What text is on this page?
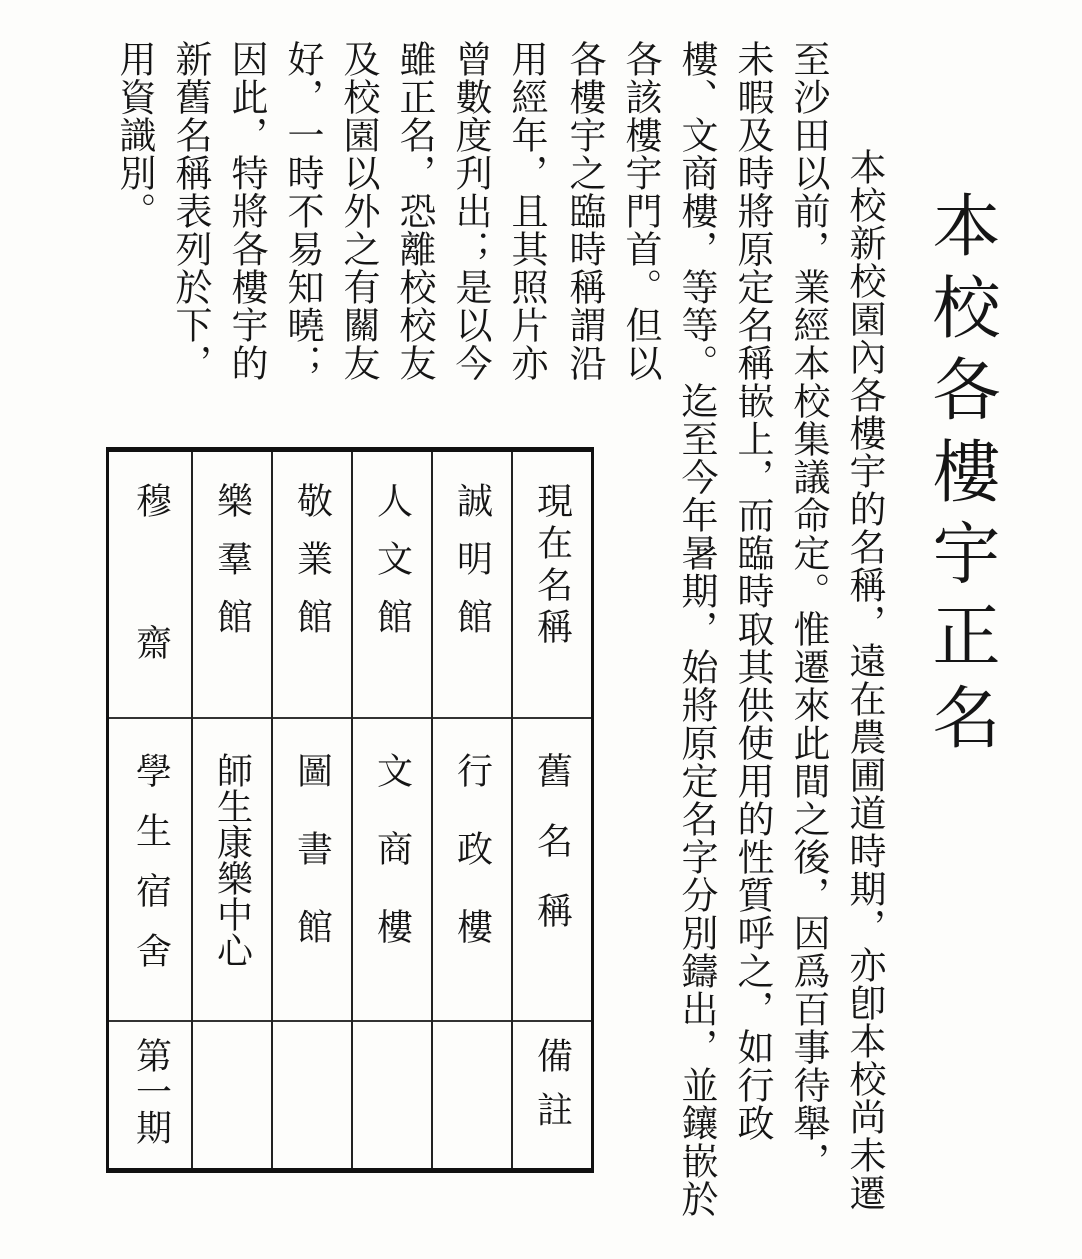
本校各樓宇正名
　本校新校園內各樓宇的名稱，遠在農圃道時期，亦卽本校尚未遷
至沙田以前，業經本校集議命定。惟遷來此間之後，因爲百事待舉，
未暇及時將原定名稱嵌上，而臨時取其供使用的性質呼之，如行政
樓、文商樓，等等。迄至今年暑期，始將原定名字分別鑄出，並鑲嵌於
各該樓宇門首。但以
各樓宇之臨時稱謂沿
用經年，且其照片亦
曾數度刋出；是以今
雖正名，恐離校校友
及校園以外之有關友
好，一時不易知曉；
因此，特將各樓宇的
新舊名稱表列於下，
用資識別。
現在名稱
舊名稱
備註
誠明館
行政樓
人文館
文商樓
敬業館
圖書館
樂羣館
師生康樂中心
穆齋
學生宿舍
第一期
